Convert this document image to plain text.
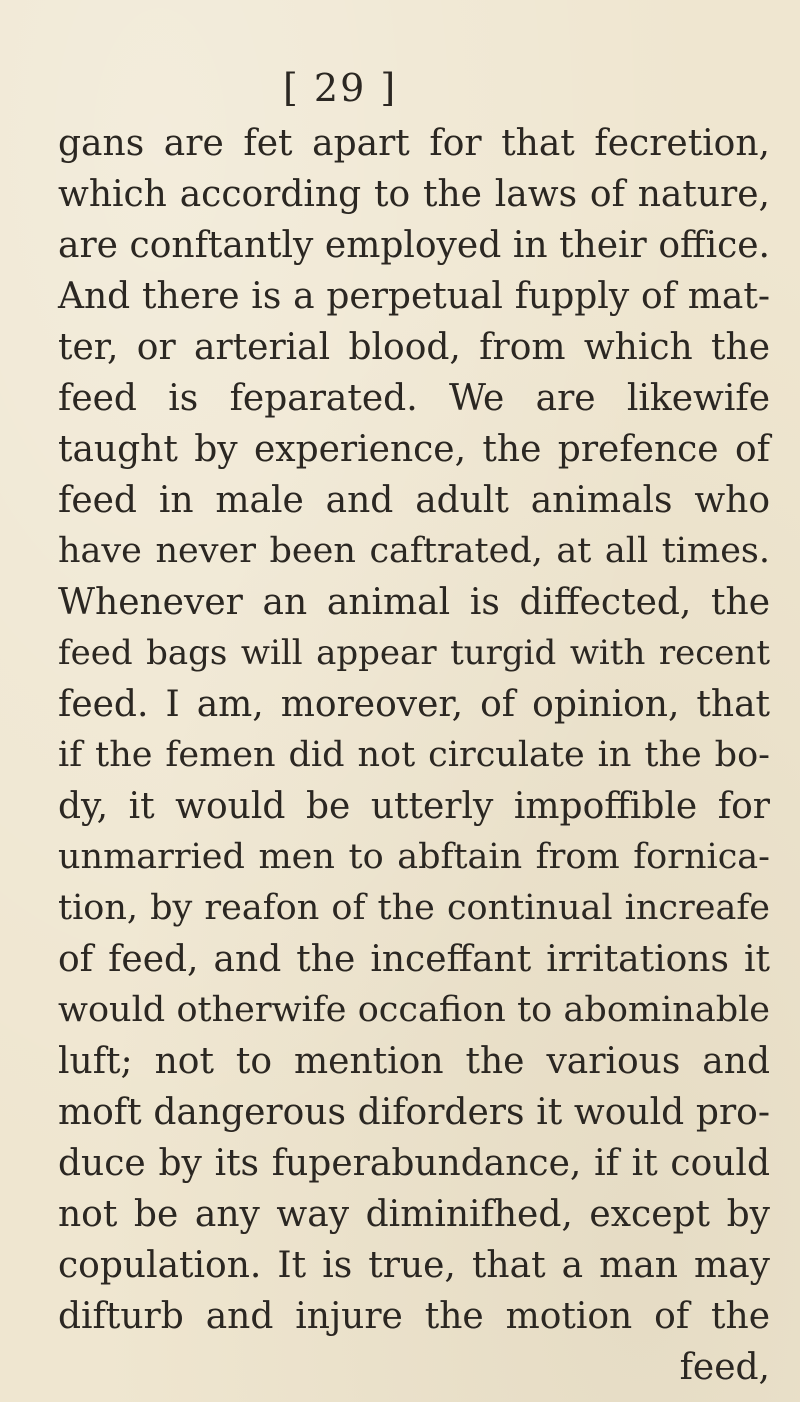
[ 29 ]
gans are fet apart for that fecretion,
which according to the laws of nature,
are conftantly employed in their office.
And there is a perpetual fupply of mat-
ter, or arterial blood, from which the
feed is feparated. We are likewife
taught by experience, the prefence of
feed in male and adult animals who
have never been caftrated, at all times.
Whenever an animal is diffected, the
feed bags will appear turgid with recent
feed. I am, moreover, of opinion, that
if the femen did not circulate in the bo-
dy, it would be utterly impoffible for
unmarried men to abftain from fornica-
tion, by reafon of the continual increafe
of feed, and the inceffant irritations it
would otherwife occafion to abominable
luft; not to mention the various and
moft dangerous diforders it would pro-
duce by its fuperabundance, if it could
not be any way diminifhed, except by
copulation. It is true, that a man may
difturb and injure the motion of the
feed,
